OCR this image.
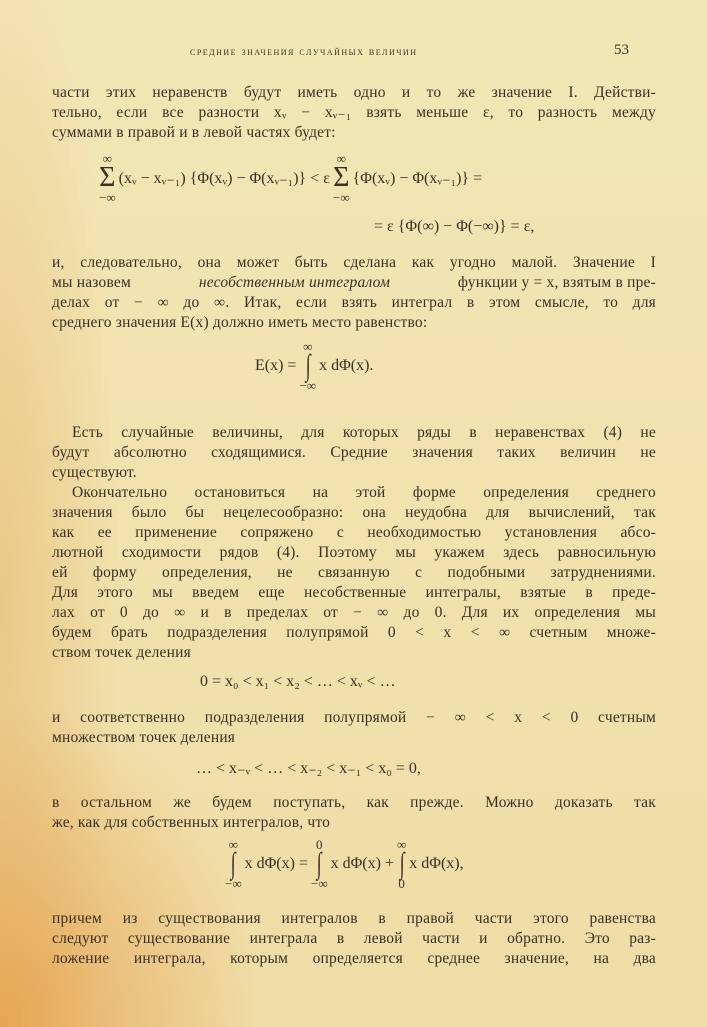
средние значения случайных величин	53
части этих неравенств будут иметь одно и то же значение I. Действи-
тельно, если все разности xᵥ − xᵥ₋₁ взять меньше ε, то разность между
суммами в правой и в левой частях будет:
∞
Σ
−∞
(xᵥ − xᵥ₋₁) {Φ(xᵥ) − Φ(xᵥ₋₁)} < ε
∞
Σ
−∞
{Φ(xᵥ) − Φ(xᵥ₋₁)} =
= ε {Φ(∞) − Φ(−∞)} = ε,
и, следовательно, она может быть сделана как угодно малой. Значение I
мы назовем	несобственным интегралом	функции y = x, взятым в пре-
делах от − ∞ до ∞. Итак, если взять интеграл в этом смысле, то для
среднего значения E(x) должно иметь место равенство:
E(x) =
∞
∫
−∞
x dΦ(x).
Есть случайные величины, для которых ряды в неравенствах (4) не
будут абсолютно сходящимися. Средние значения таких величин не
существуют.
Окончательно остановиться на этой форме определения среднего
значения было бы нецелесообразно: она неудобна для вычислений, так
как ее применение сопряжено с необходимостью установления абсо-
лютной сходимости рядов (4). Поэтому мы укажем здесь равносильную
ей форму определения, не связанную с подобными затруднениями.
Для этого мы введем еще несобственные интегралы, взятые в преде-
лах от 0 до ∞ и в пределах от − ∞ до 0. Для их определения мы
будем брать подразделения полупрямой 0 < x < ∞ счетным множе-
ством точек деления
0 = x₀ < x₁ < x₂ < … < xᵥ < …
и соответственно подразделения полупрямой − ∞ < x < 0 счетным
множеством точек деления
… < x₋ᵥ < … < x₋₂ < x₋₁ < x₀ = 0,
в остальном же будем поступать, как прежде. Можно доказать так
же, как для собственных интегралов, что
∞
∫
−∞
x dΦ(x) =
0
∫
−∞
x dΦ(x) +
∞
∫
0
x dΦ(x),
причем из существования интегралов в правой части этого равенства
следуют существование интеграла в левой части и обратно. Это раз-
ложение интеграла, которым определяется среднее значение, на два
